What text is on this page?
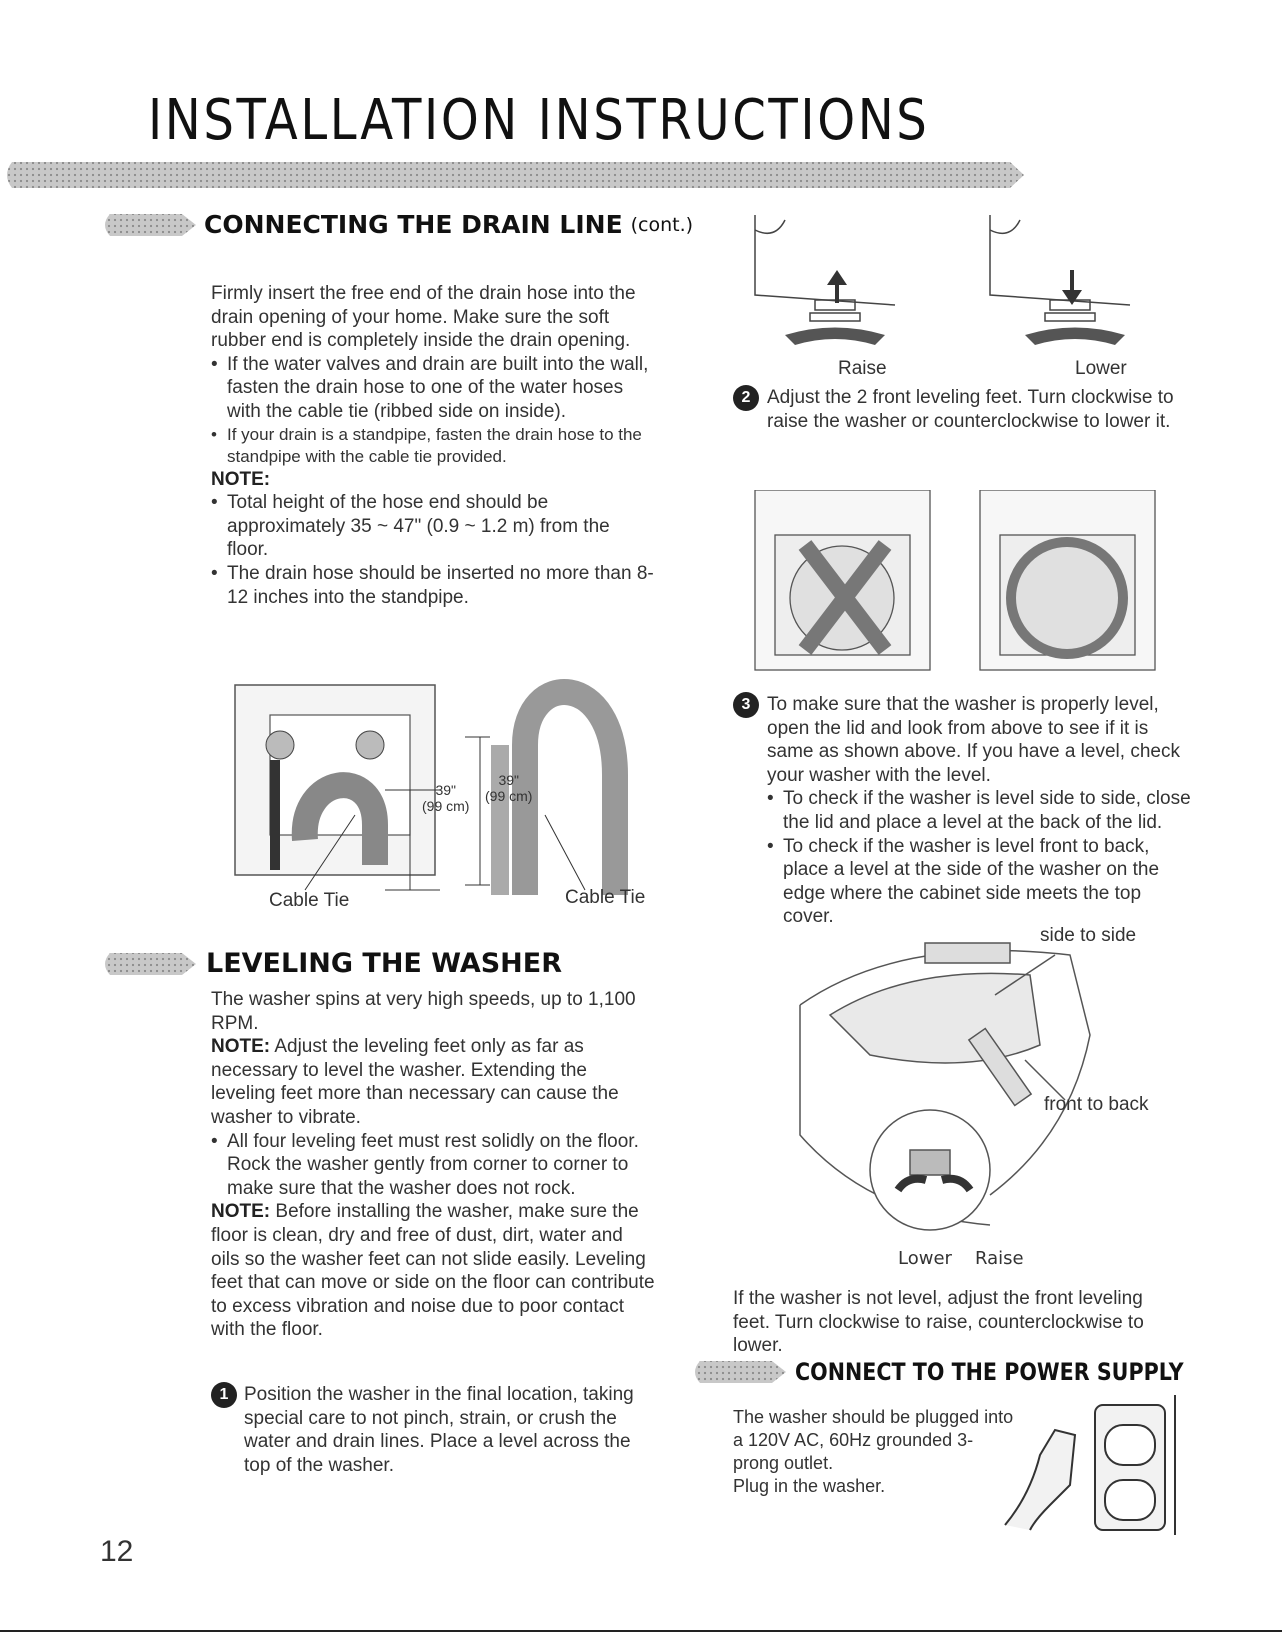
INSTALLATION INSTRUCTIONS
CONNECTING THE DRAIN LINE (cont.)

Firmly insert the free end of the drain hose into the drain opening of your home. Make sure the soft rubber end is completely inside the drain opening.

• If the water valves and drain are built into the wall, fasten the drain hose to one of the water hoses with the cable tie (ribbed side on inside).

• If your drain is a standpipe, fasten the drain hose to the standpipe with the cable tie provided.

NOTE:

• Total height of the hose end should be approximately 35 ~ 47" (0.9 ~ 1.2 m) from the floor.

• The drain hose should be inserted no more than 8-12 inches into the standpipe.

39"
(99 cm)
39"
(99 cm)
Cable Tie	Cable Tie
LEVELING THE WASHER

The washer spins at very high speeds, up to 1,100 RPM.

NOTE: Adjust the leveling feet only as far as necessary to level the washer. Extending the leveling feet more than necessary can cause the washer to vibrate.

• All four leveling feet must rest solidly on the floor. Rock the washer gently from corner to corner to make sure that the washer does not rock.

NOTE: Before installing the washer, make sure the floor is clean, dry and free of dust, dirt, water and oils so the washer feet can not slide easily. Leveling feet that can move or side on the floor can contribute to excess vibration and noise due to poor contact with the floor.

1 Position the washer in the final location, taking special care to not pinch, strain, or crush the water and drain lines. Place a level across the top of the washer.
Raise	Lower
2 Adjust the 2 front leveling feet. Turn clockwise to raise the washer or counterclockwise to lower it.
3 To make sure that the washer is properly level, open the lid and look from above to see if it is same as shown above. If you have a level, check your washer with the level.

• To check if the washer is level side to side, close the lid and place a level at the back of the lid.

• To check if the washer is level front to back, place a level at the side of the washer on the edge where the cabinet side meets the top cover.

side to side
front to back
Lower Raise
If the washer is not level, adjust the front leveling feet. Turn clockwise to raise, counterclockwise to lower.
CONNECT TO THE POWER SUPPLY

The washer should be plugged into a 120V AC, 60Hz grounded 3-prong outlet.

Plug in the washer.

12
